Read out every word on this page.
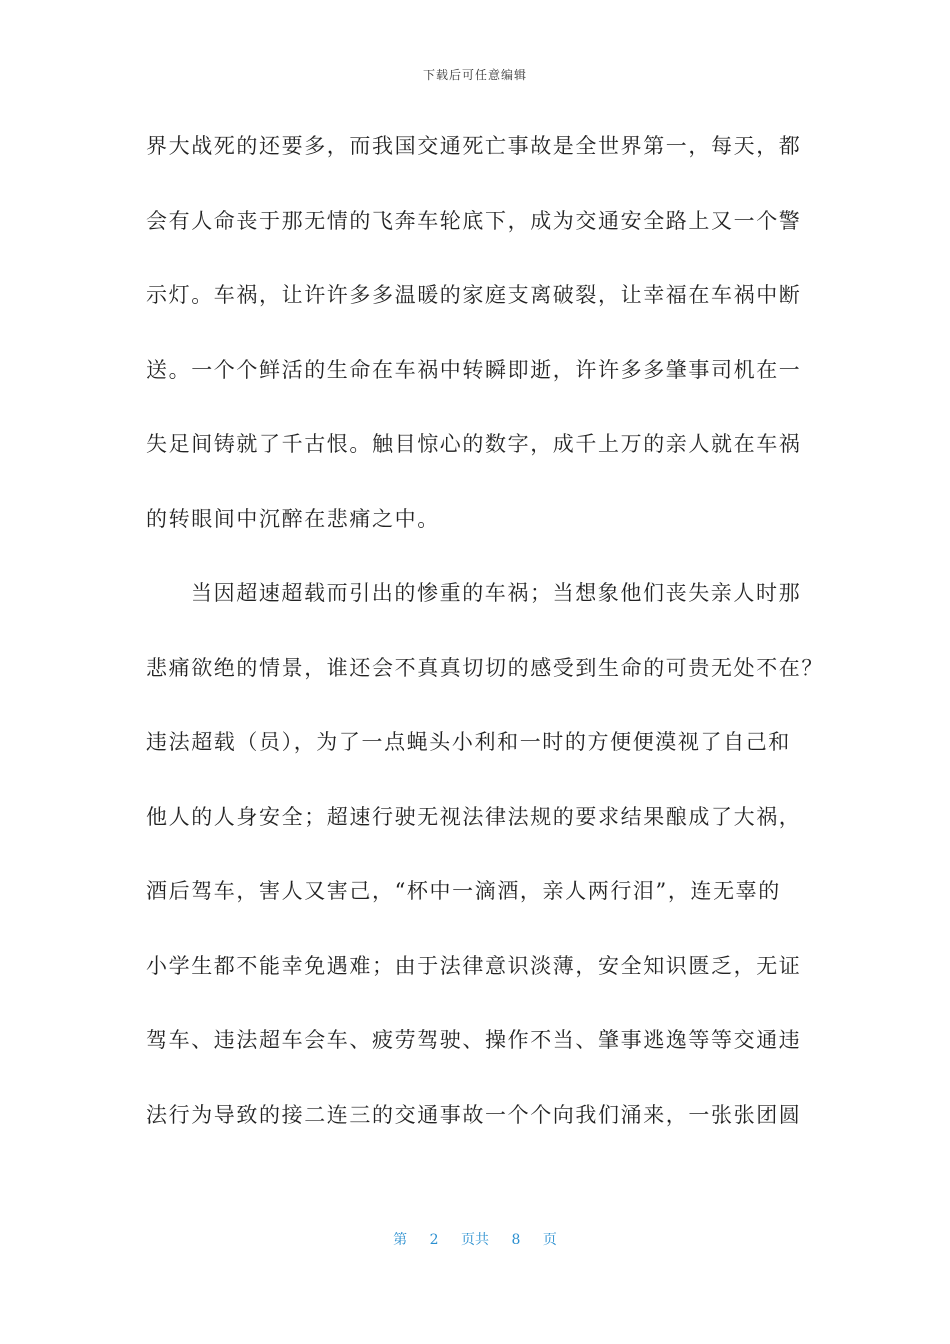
下载后可任意编辑
界大战死的还要多，而我国交通死亡事故是全世界第一，每天，都
会有人命丧于那无情的飞奔车轮底下，成为交通安全路上又一个警
示灯。车祸，让许许多多温暖的家庭支离破裂，让幸福在车祸中断
送。一个个鲜活的生命在车祸中转瞬即逝，许许多多肇事司机在一
失足间铸就了千古恨。触目惊心的数字，成千上万的亲人就在车祸
的转眼间中沉醉在悲痛之中。
当因超速超载而引出的惨重的车祸；当想象他们丧失亲人时那
悲痛欲绝的情景，谁还会不真真切切的感受到生命的可贵无处不在？
违法超载（员），为了一点蝇头小利和一时的方便便漠视了自己和
他人的人身安全；超速行驶无视法律法规的要求结果酿成了大祸，
酒后驾车，害人又害己，“杯中一滴酒，亲人两行泪”，连无辜的
小学生都不能幸免遇难；由于法律意识淡薄，安全知识匮乏，无证
驾车、违法超车会车、疲劳驾驶、操作不当、肇事逃逸等等交通违
法行为导致的接二连三的交通事故一个个向我们涌来，一张张团圆
第 2 页共 8 页
